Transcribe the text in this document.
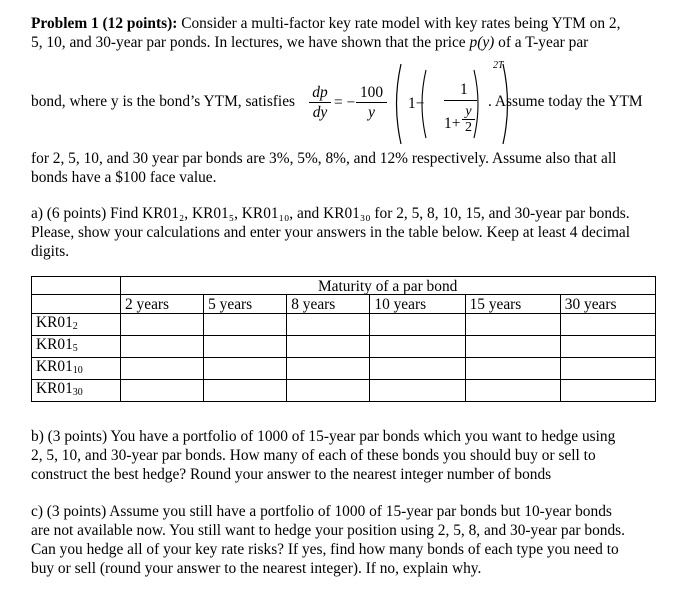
Problem 1 (12 points): Consider a multi-factor key rate model with key rates being YTM on 2,
5, 10, and 30-year par ponds. In lectures, we have shown that the price p(y) of a T-year par
bond, where y is the bond’s YTM, satisfies $\frac{dp}{dy}$ = − $\frac{100}{y} 1-$
1
$1+ \frac{y}{2}$
2T
. Assume today the YTM
for 2, 5, 10, and 30 year par bonds are 3%, 5%, 8%, and 12% respectively. Assume also that all
bonds have a $100 face value.
a) (6 points) Find KR01₂, KR01₅, KR01₁₀, and KR01₃₀ for 2, 5, 8, 10, 15, and 30-year par bonds.
Please, show your calculations and enter your answers in the table below. Keep at least 4 decimal
digits.

	2 years	5 years	8 years	10 years	15 years	30 years
$KR01_2$						
$KR01_5$						
$KR01_{10}$						
$KR01_{30}$						
Maturity of a par bond
b) (3 points) You have a portfolio of 1000 of 15-year par bonds which you want to hedge using
2, 5, 10, and 30-year par bonds. How many of each of these bonds you should buy or sell to
construct the best hedge? Round your answer to the nearest integer number of bonds
c) (3 points) Assume you still have a portfolio of 1000 of 15-year par bonds but 10-year bonds
are not available now. You still want to hedge your position using 2, 5, 8, and 30-year par bonds.
Can you hedge all of your key rate risks? If yes, find how many bonds of each type you need to
buy or sell (round your answer to the nearest integer). If no, explain why.
